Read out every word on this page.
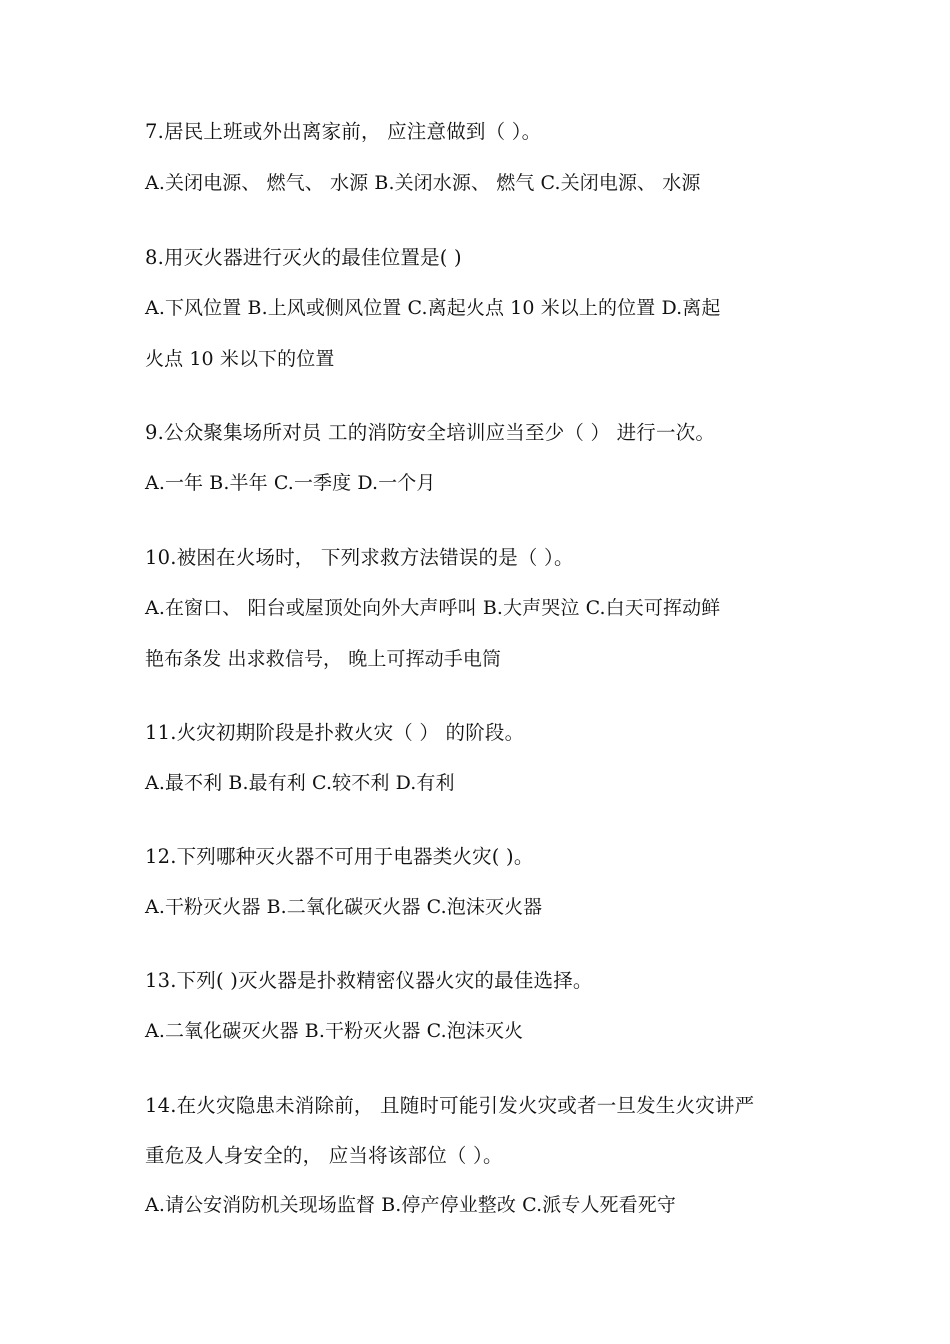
7.居民上班或外出离家前， 应注意做到（ ）。
A.关闭电源、 燃气、 水源 B.关闭水源、 燃气 C.关闭电源、 水源
8.用灭火器进行灭火的最佳位置是( )
A.下风位置 B.上风或侧风位置 C.离起火点 10 米以上的位置 D.离起
火点 10 米以下的位置
9.公众聚集场所对员 工的消防安全培训应当至少（ ） 进行一次。
A.一年 B.半年 C.一季度 D.一个月
10.被困在火场时， 下列求救方法错误的是（ ）。
A.在窗口、 阳台或屋顶处向外大声呼叫 B.大声哭泣 C.白天可挥动鲜
艳布条发 出求救信号， 晚上可挥动手电筒
11.火灾初期阶段是扑救火灾（ ） 的阶段。
A.最不利 B.最有利 C.较不利 D.有利
12.下列哪种灭火器不可用于电器类火灾( )。
A.干粉灭火器 B.二氧化碳灭火器 C.泡沫灭火器
13.下列( )灭火器是扑救精密仪器火灾的最佳选择。
A.二氧化碳灭火器 B.干粉灭火器 C.泡沫灭火
14.在火灾隐患未消除前， 且随时可能引发火灾或者一旦发生火灾讲严
重危及人身安全的， 应当将该部位（ ）。
A.请公安消防机关现场监督 B.停产停业整改 C.派专人死看死守
